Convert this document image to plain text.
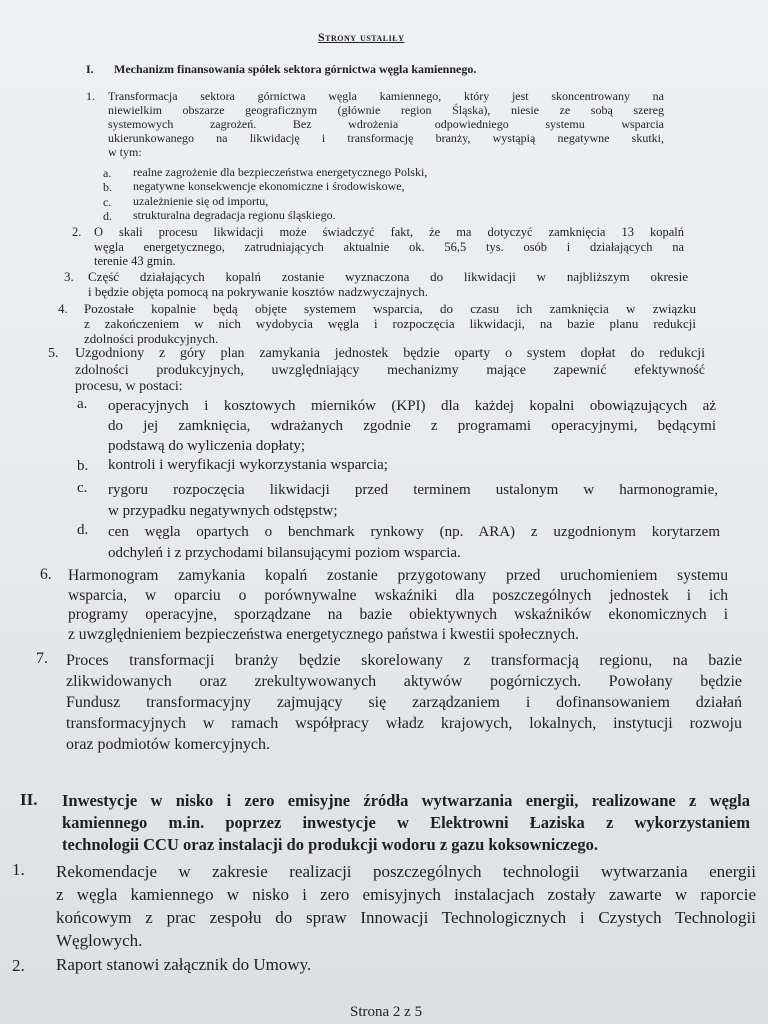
Strony ustaliły
I. Mechanizm finansowania spółek sektora górnictwa węgla kamiennego.
1. Transformacja sektora górnictwa węgla kamiennego, który jest skoncentrowany na
niewielkim obszarze geograficznym (głównie region Śląska), niesie ze sobą szereg
systemowych zagrożeń. Bez wdrożenia odpowiedniego systemu wsparcia
ukierunkowanego na likwidację i transformację branży, wystąpią negatywne skutki,
w tym:
a. realne zagrożenie dla bezpieczeństwa energetycznego Polski,
b. negatywne konsekwencje ekonomiczne i środowiskowe,
c. uzależnienie się od importu,
d. strukturalna degradacja regionu śląskiego.
2. O skali procesu likwidacji może świadczyć fakt, że ma dotyczyć zamknięcia 13 kopalń
węgla energetycznego, zatrudniających aktualnie ok. 56,5 tys. osób i działających na
terenie 43 gmin.
3. Część działających kopalń zostanie wyznaczona do likwidacji w najbliższym okresie
i będzie objęta pomocą na pokrywanie kosztów nadzwyczajnych.
4. Pozostałe kopalnie będą objęte systemem wsparcia, do czasu ich zamknięcia w związku
z zakończeniem w nich wydobycia węgla i rozpoczęcia likwidacji, na bazie planu redukcji
zdolności produkcyjnych.
5. Uzgodniony z góry plan zamykania jednostek będzie oparty o system dopłat do redukcji
zdolności produkcyjnych, uwzględniający mechanizmy mające zapewnić efektywność
procesu, w postaci:
a. operacyjnych i kosztowych mierników (KPI) dla każdej kopalni obowiązujących aż
do jej zamknięcia, wdrażanych zgodnie z programami operacyjnymi, będącymi
podstawą do wyliczenia dopłaty;
b. kontroli i weryfikacji wykorzystania wsparcia;
c. rygoru rozpoczęcia likwidacji przed terminem ustalonym w harmonogramie,
w przypadku negatywnych odstępstw;
d. cen węgla opartych o benchmark rynkowy (np. ARA) z uzgodnionym korytarzem
odchyleń i z przychodami bilansującymi poziom wsparcia.
6. Harmonogram zamykania kopalń zostanie przygotowany przed uruchomieniem systemu
wsparcia, w oparciu o porównywalne wskaźniki dla poszczególnych jednostek i ich
programy operacyjne, sporządzane na bazie obiektywnych wskaźników ekonomicznych i
z uwzględnieniem bezpieczeństwa energetycznego państwa i kwestii społecznych.
7. Proces transformacji branży będzie skorelowany z transformacją regionu, na bazie
zlikwidowanych oraz zrekultywowanych aktywów pogórniczych. Powołany będzie
Fundusz transformacyjny zajmujący się zarządzaniem i dofinansowaniem działań
transformacyjnych w ramach współpracy władz krajowych, lokalnych, instytucji rozwoju
oraz podmiotów komercyjnych.
II. Inwestycje w nisko i zero emisyjne źródła wytwarzania energii, realizowane z węgla
kamiennego m.in. poprzez inwestycje w Elektrowni Łaziska z wykorzystaniem
technologii CCU oraz instalacji do produkcji wodoru z gazu koksowniczego.
1. Rekomendacje w zakresie realizacji poszczególnych technologii wytwarzania energii
z węgla kamiennego w nisko i zero emisyjnych instalacjach zostały zawarte w raporcie
końcowym z prac zespołu do spraw Innowacji Technologicznych i Czystych Technologii
Węglowych.
2. Raport stanowi załącznik do Umowy.
Strona 2 z 5
